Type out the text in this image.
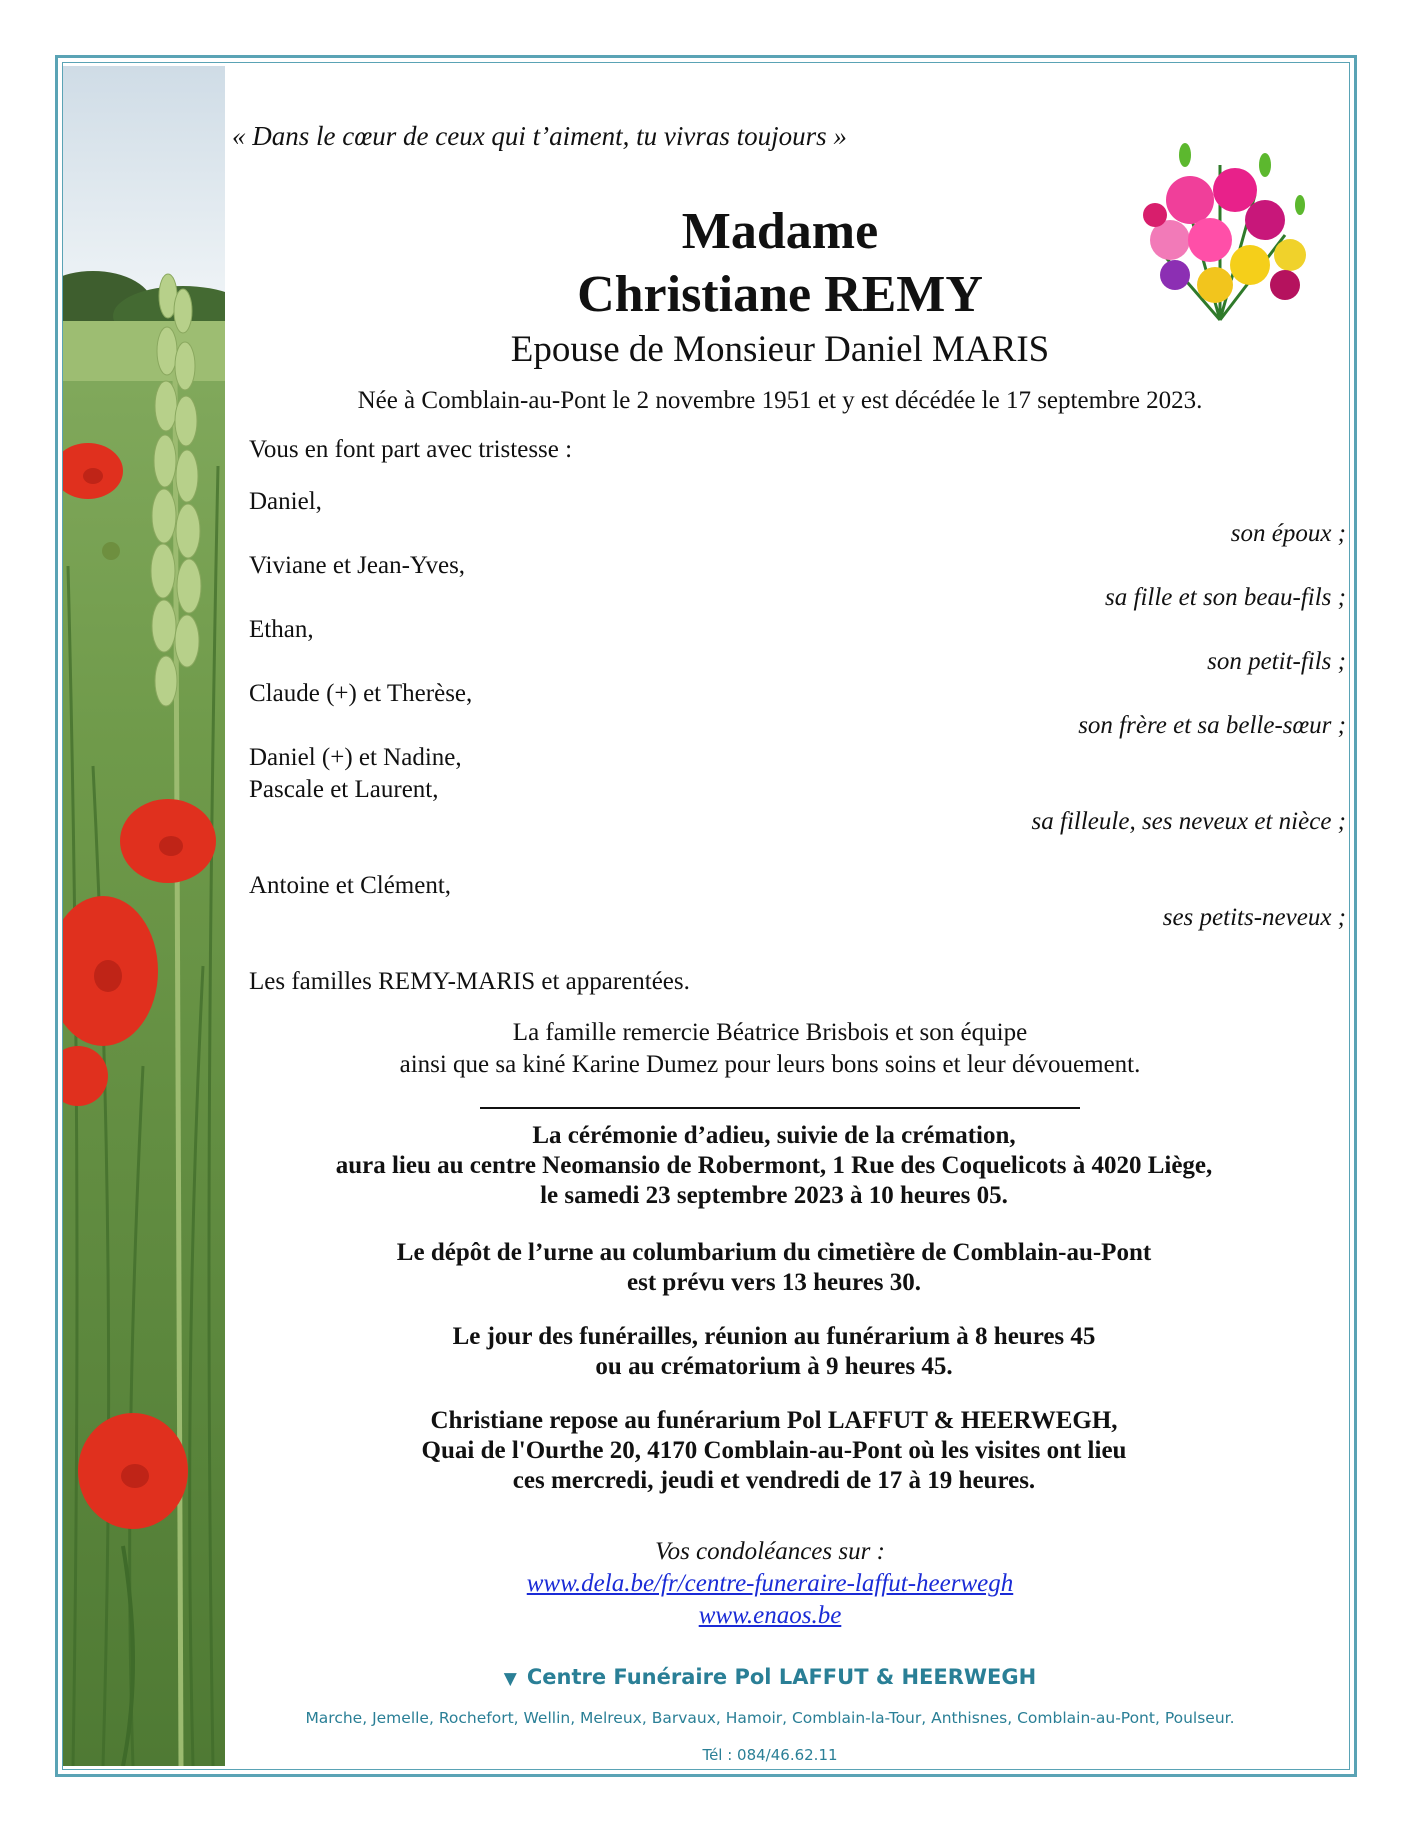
« Dans le cœur de ceux qui t’aiment, tu vivras toujours »
Madame
Christiane REMY
Epouse de Monsieur Daniel MARIS
Née à Comblain-au-Pont le 2 novembre 1951 et y est décédée le 17 septembre 2023.
Vous en font part avec tristesse :
Daniel,
son époux ;
Viviane et Jean-Yves,
sa fille et son beau-fils ;
Ethan,
son petit-fils ;
Claude (+) et Therèse,
son frère et sa belle-sœur ;
Daniel (+) et Nadine,
Pascale et Laurent,
sa filleule, ses neveux et nièce ;
Antoine et Clément,
ses petits-neveux ;
Les familles REMY-MARIS et apparentées.
La famille remercie Béatrice Brisbois et son équipe
ainsi que sa kiné Karine Dumez pour leurs bons soins et leur dévouement.
La cérémonie d’adieu, suivie de la crémation,
aura lieu au centre Neomansio de Robermont, 1 Rue des Coquelicots à 4020 Liège,
le samedi 23 septembre 2023 à 10 heures 05.
Le dépôt de l’urne au columbarium du cimetière de Comblain-au-Pont
est prévu vers 13 heures 30.
Le jour des funérailles, réunion au funérarium à 8 heures 45
ou au crématorium à 9 heures 45.
Christiane repose au funérarium Pol LAFFUT & HEERWEGH,
Quai de l'Ourthe 20, 4170 Comblain-au-Pont où les visites ont lieu
ces mercredi, jeudi et vendredi de 17 à 19 heures.
Vos condoléances sur :
www.dela.be/fr/centre-funeraire-laffut-heerwegh
www.enaos.be
▼ Centre Funéraire Pol LAFFUT & HEERWEGH
Marche, Jemelle, Rochefort, Wellin, Melreux, Barvaux, Hamoir, Comblain-la-Tour, Anthisnes, Comblain-au-Pont, Poulseur.
Tél : 084/46.62.11
